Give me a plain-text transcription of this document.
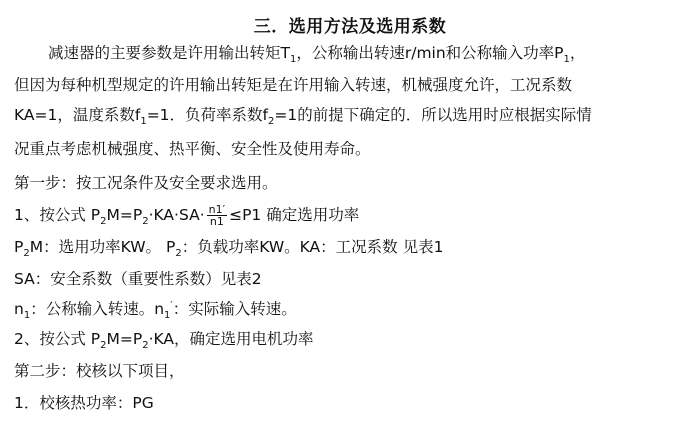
三．选用方法及选用系数
减速器的主要参数是许用输出转矩$T_1$，公称输出转速r/min和公称输入功率$P_1$，
但因为每种机型规定的许用输出转矩是在许用输入转速，机械强度允许，工况系数
KA=1，温度系数$f_1=1$．负荷率系数$f_2=1$的前提下确定的．所以选用时应根据实际情
况重点考虑机械强度、热平衡、安全性及使用寿命。
第一步：按工况条件及安全要求选用。
1、按公式 $P_2M=P_2\cdot KA\cdot SA\cdot \frac{n1'}{n1} \le P1$ 确定选用功率
$P_2M$：选用功率KW。 $P_2$：负载功率KW。KA：工况系数 见表1
SA：安全系数（重要性系数）见表2
$n_1$：公称输入转速。$n_1'$：实际输入转速。
2、按公式 $P_2M=P_2\cdot KA$，确定选用电机功率
第二步：校核以下项目，
1．校核热功率：PG
